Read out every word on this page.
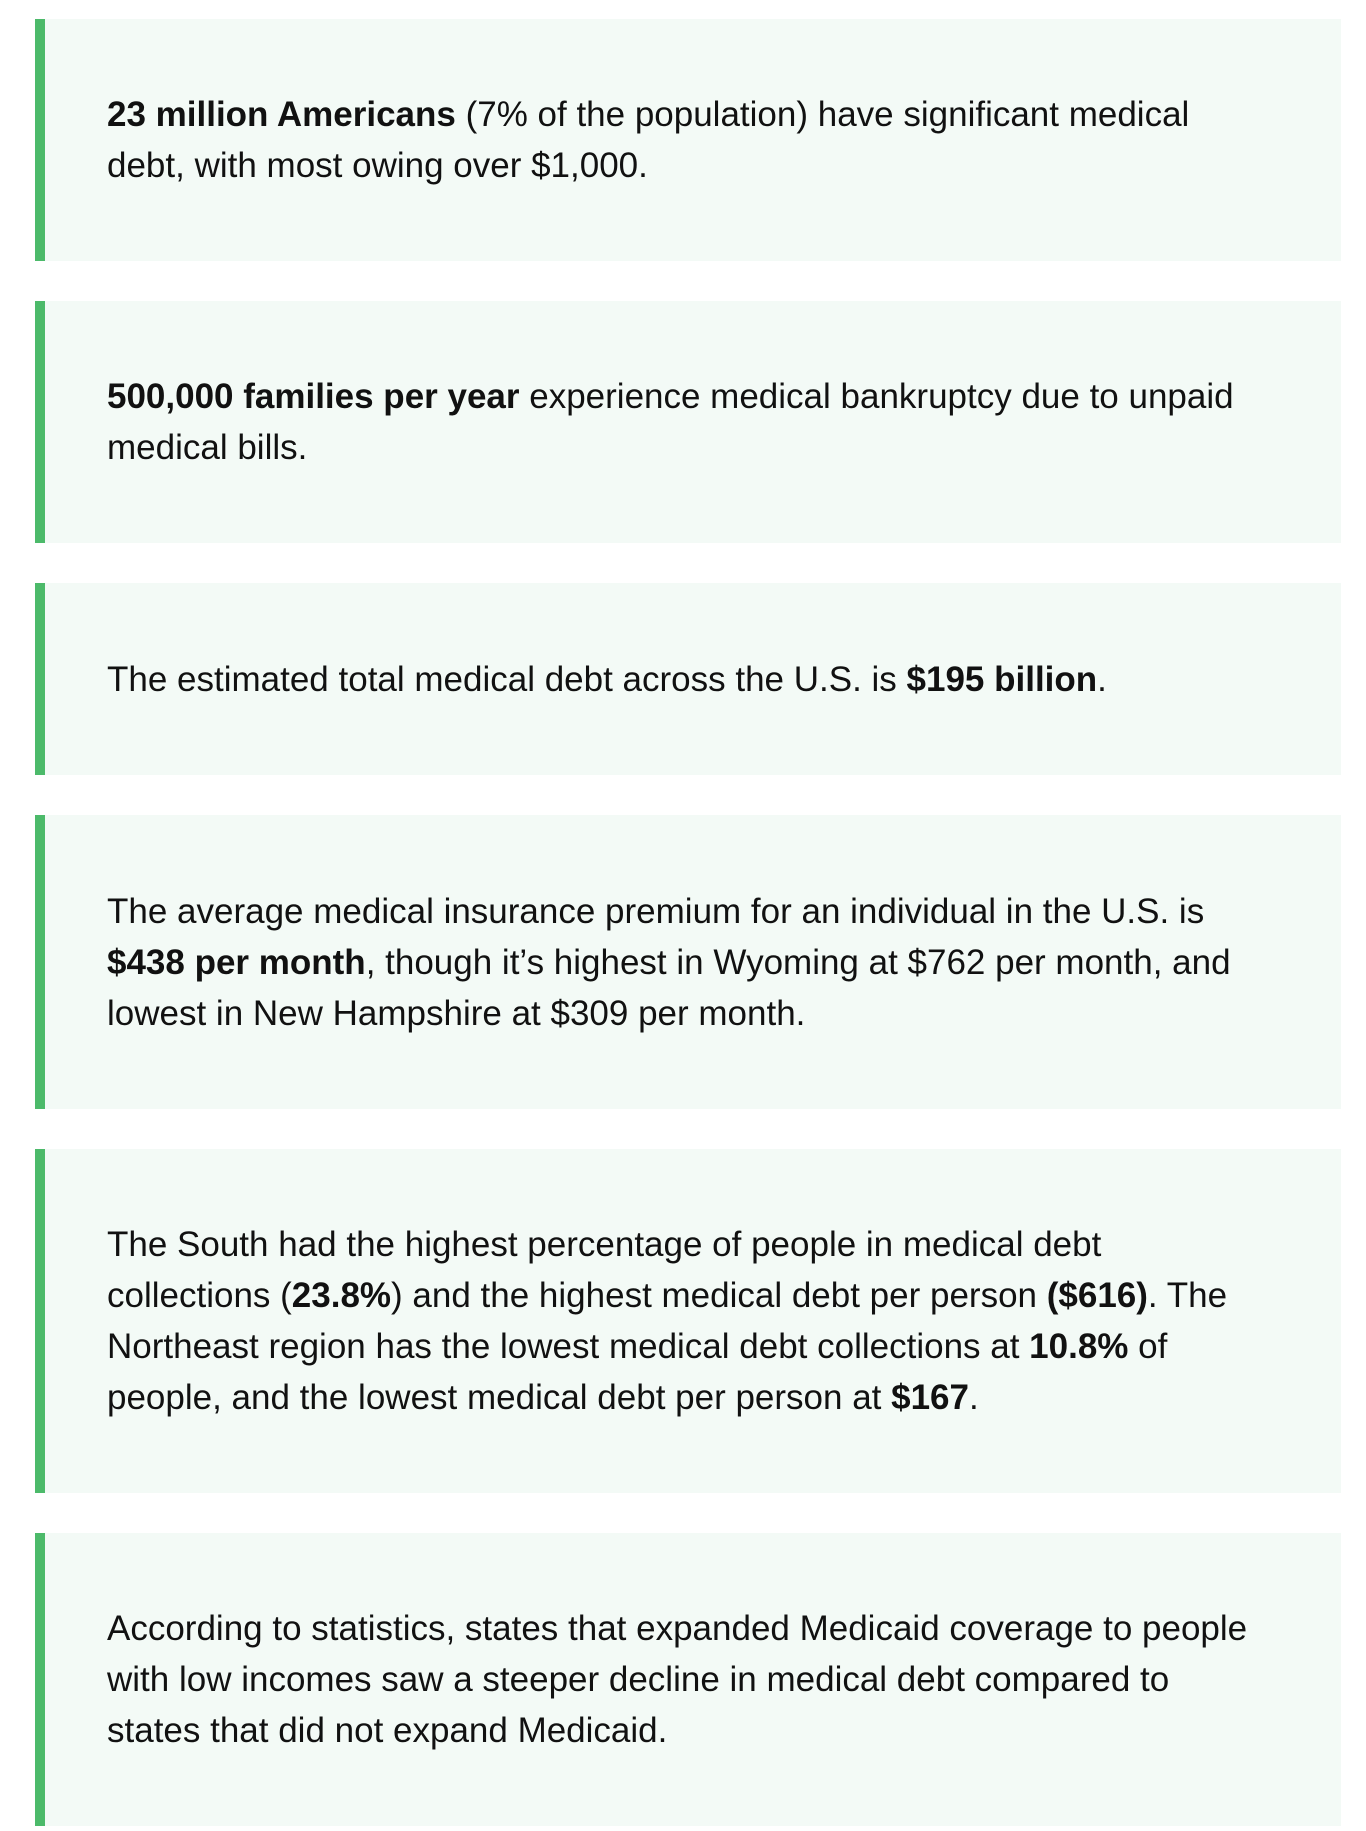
23 million Americans (7% of the population) have significant medical debt, with most owing over $1,000.

500,000 families per year experience medical bankruptcy due to unpaid medical bills.

The estimated total medical debt across the U.S. is $195 billion.

The average medical insurance premium for an individual in the U.S. is $438 per month, though it’s highest in Wyoming at $762 per month, and lowest in New Hampshire at $309 per month.

The South had the highest percentage of people in medical debt collections (23.8%) and the highest medical debt per person ($616). The Northeast region has the lowest medical debt collections at 10.8% of people, and the lowest medical debt per person at $167.

According to statistics, states that expanded Medicaid coverage to people with low incomes saw a steeper decline in medical debt compared to states that did not expand Medicaid.
